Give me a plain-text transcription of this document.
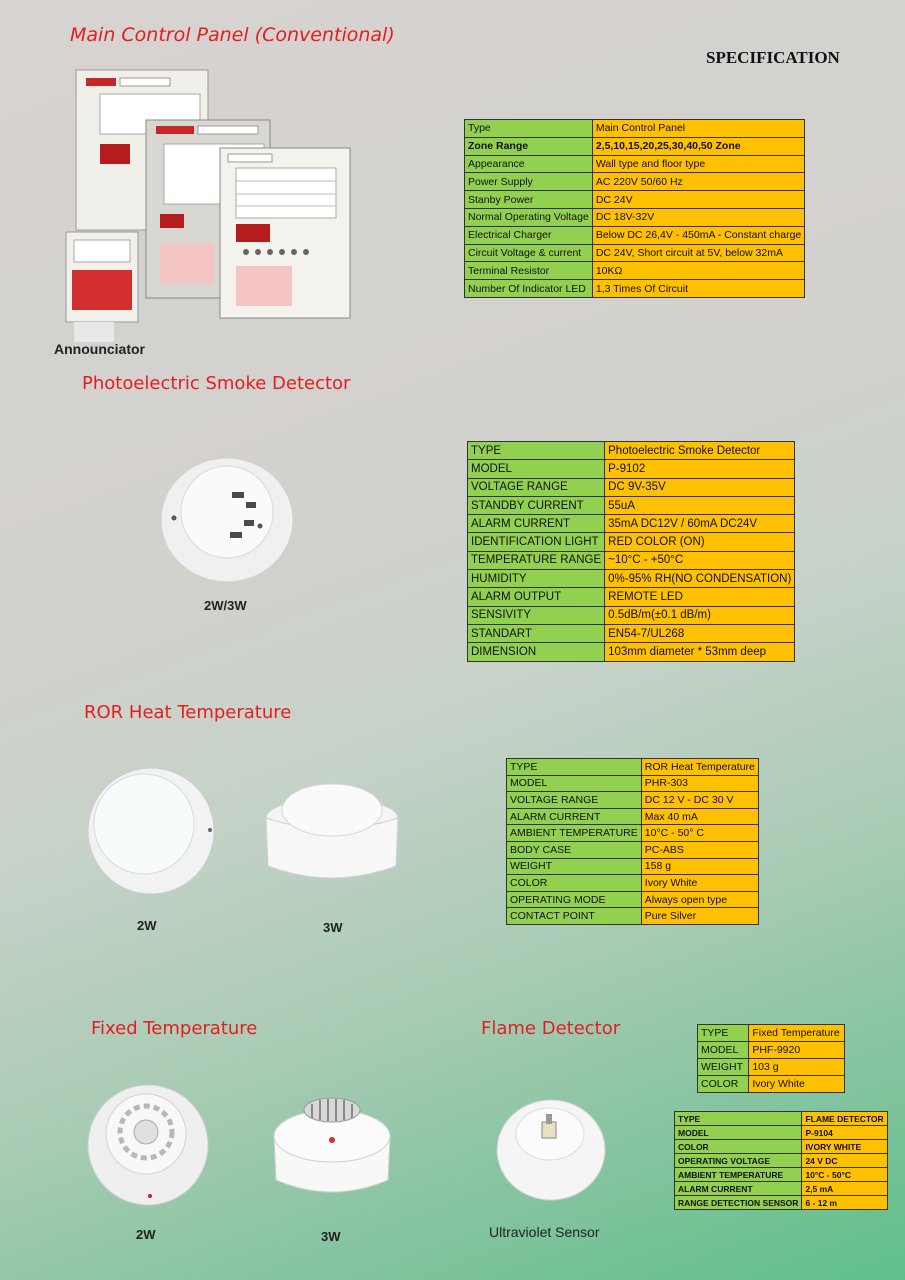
Main Control Panel (Conventional)
SPECIFICATION
Announciator
Type	Main Control Panel
Zone Range	2,5,10,15,20,25,30,40,50 Zone
Appearance	Wall type and floor type
Power Supply	AC 220V 50/60 Hz
Stanby Power	DC 24V
Normal Operating Voltage	DC 18V-32V
Electrical Charger	Below DC 26,4V - 450mA - Constant charge
Circuit Voltage & current	DC 24V, Short circuit at 5V, below 32mA
Terminal Resistor	10KΩ
Number Of Indicator LED	1,3 Times Of Circuit
Photoelectric Smoke Detector
2W/3W
TYPE	Photoelectric Smoke Detector
MODEL	P-9102
VOLTAGE RANGE	DC 9V-35V
STANDBY CURRENT	55uA
ALARM CURRENT	35mA DC12V / 60mA DC24V
IDENTIFICATION LIGHT	RED COLOR (ON)
TEMPERATURE RANGE	~10°C - +50°C
HUMIDITY	0%-95% RH(NO CONDENSATION)
ALARM OUTPUT	REMOTE LED
SENSIVITY	0.5dB/m(±0.1 dB/m)
STANDART	EN54-7/UL268
DIMENSION	103mm diameter * 53mm deep
ROR Heat Temperature
2W	3W
TYPE	ROR Heat Temperature
MODEL	PHR-303
VOLTAGE RANGE	DC 12 V - DC 30 V
ALARM CURRENT	Max 40 mA
AMBIENT TEMPERATURE	10°C - 50° C
BODY CASE	PC-ABS
WEIGHT	158 g
COLOR	Ivory White
OPERATING MODE	Always open type
CONTACT POINT	Pure Silver
Fixed Temperature
2W	3W
TYPE	Fixed Temperature
MODEL	PHF-9920
WEIGHT	103 g
COLOR	Ivory White
Flame Detector
Ultraviolet Sensor
TYPE	FLAME DETECTOR
MODEL	P-9104
COLOR	IVORY WHITE
OPERATING VOLTAGE	24 V DC
AMBIENT TEMPERATURE	10°C - 50°C
ALARM CURRENT	2,5 mA
RANGE DETECTION SENSOR	6 - 12 m
